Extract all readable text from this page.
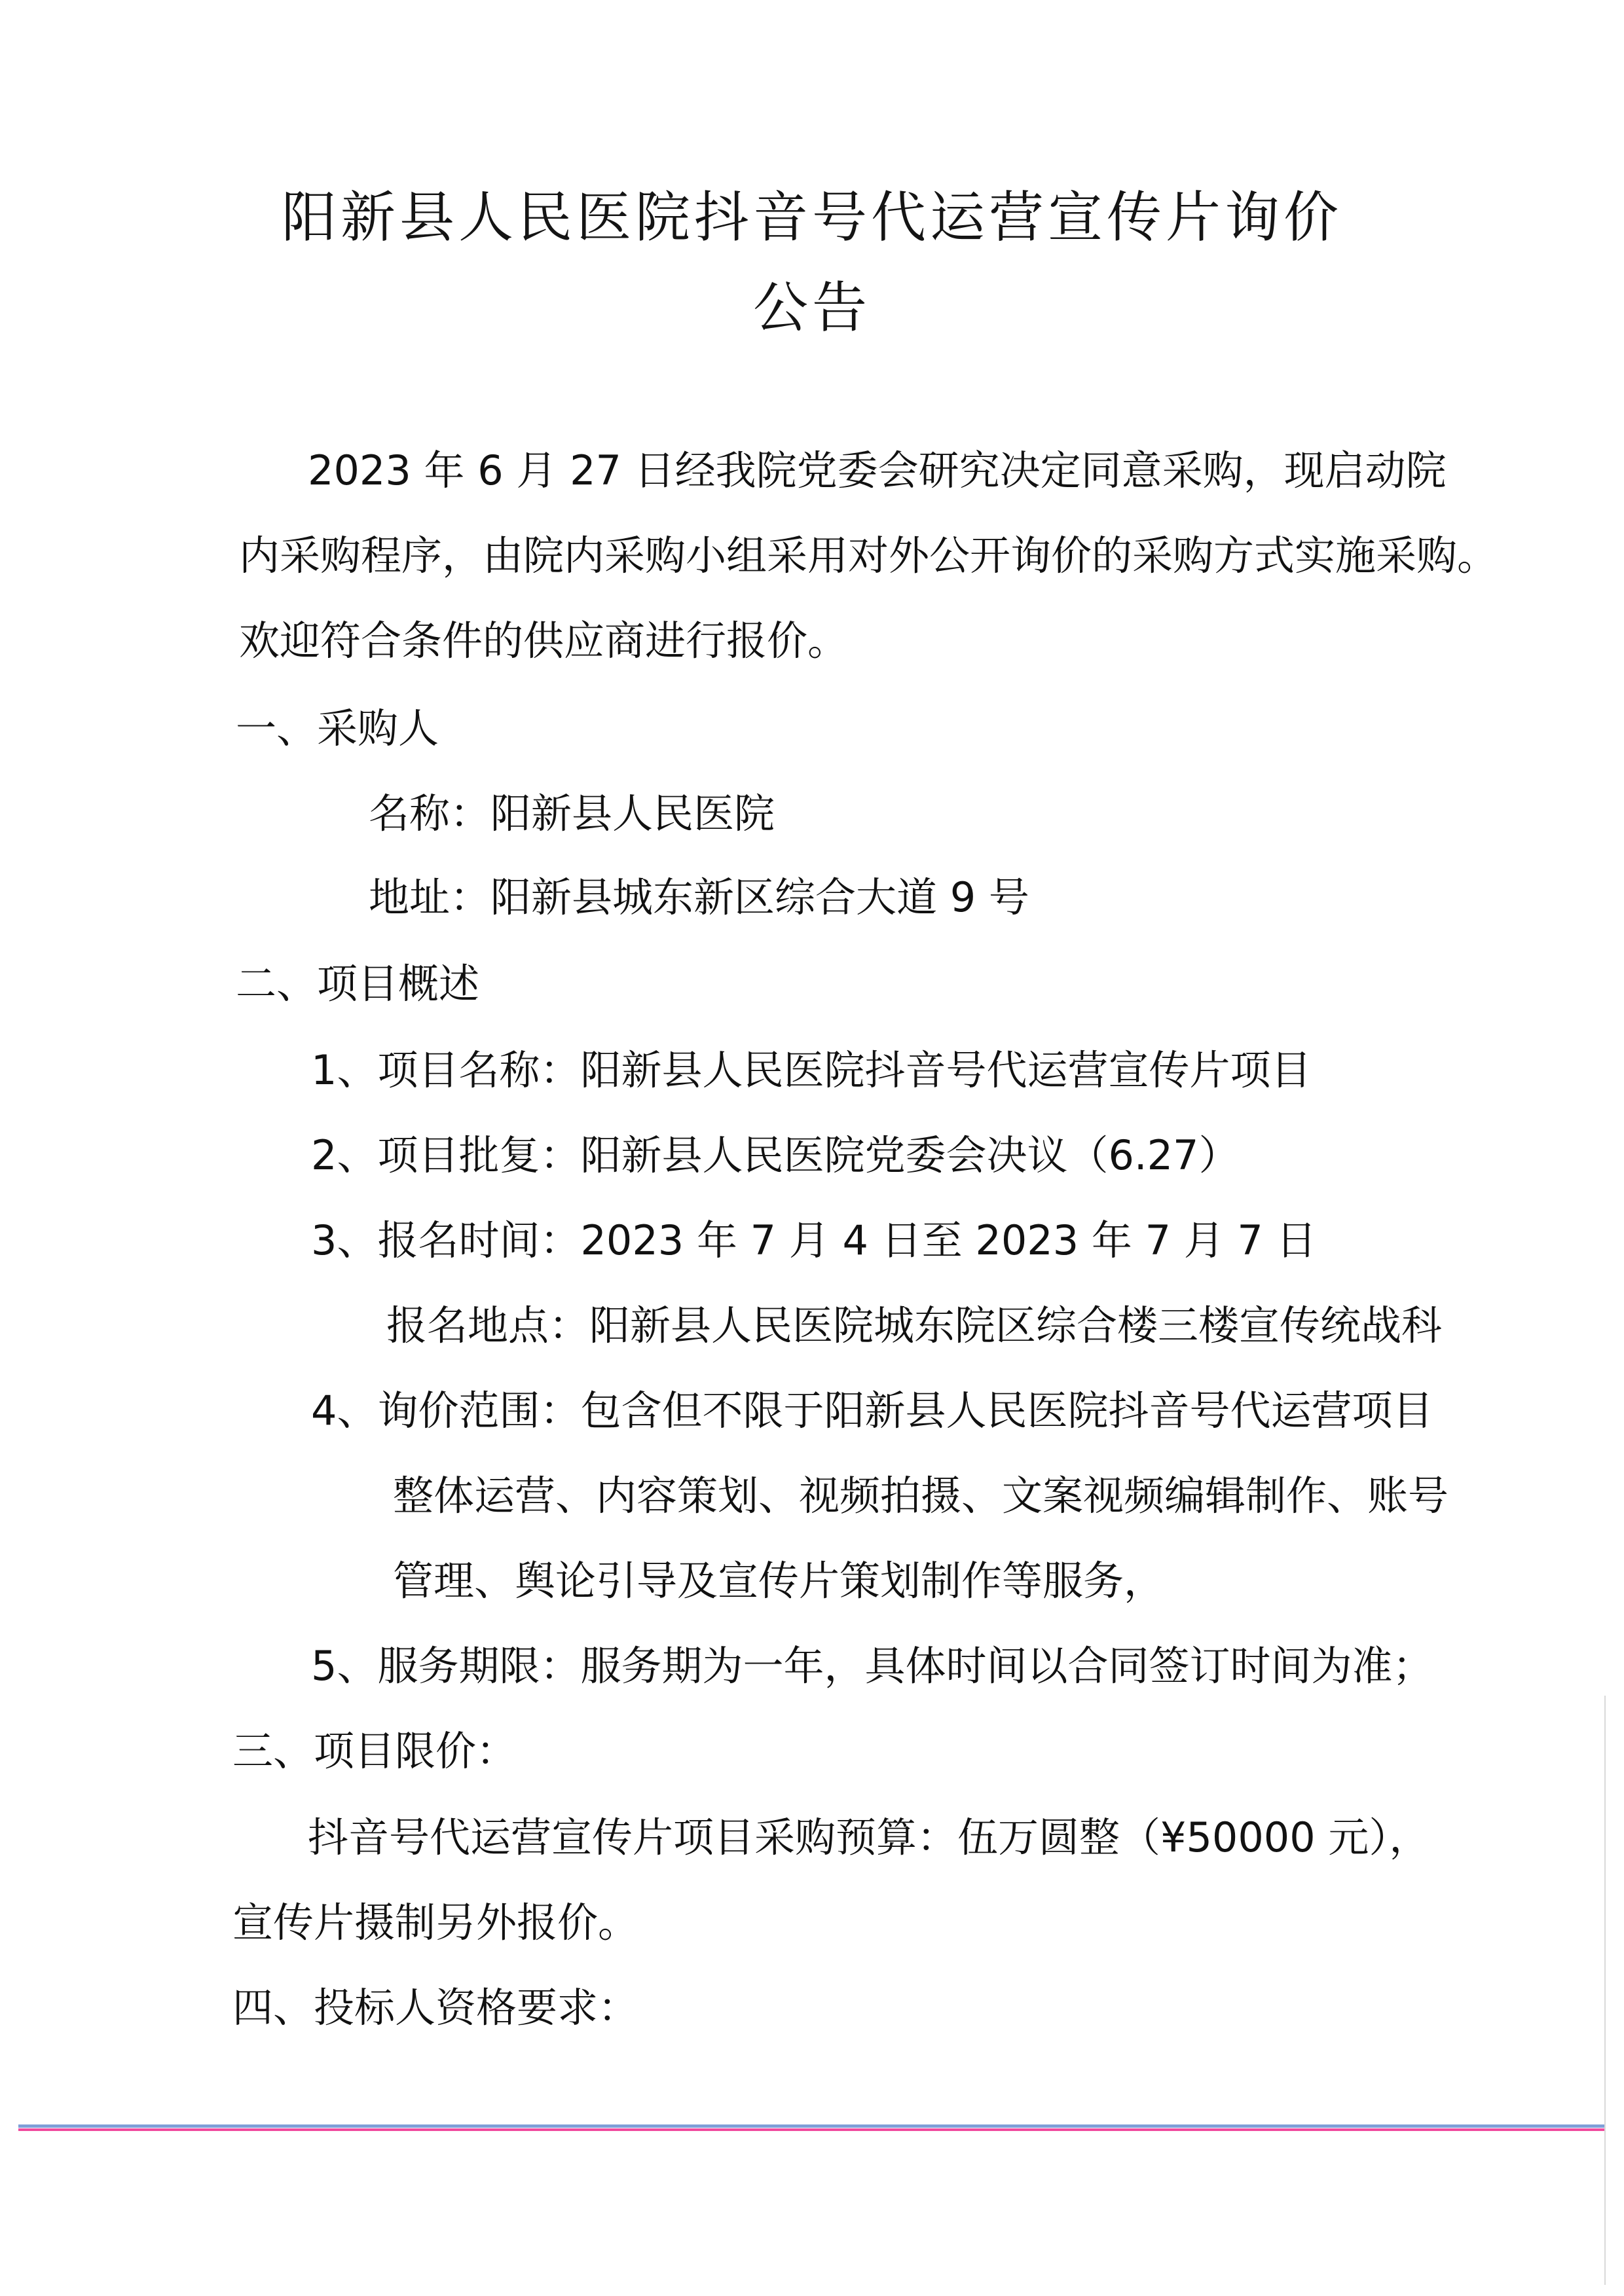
阳新县人民医院抖音号代运营宣传片询价
公告
2023 年 6 月 27 日经我院党委会研究决定同意采购，现启动院
内采购程序，由院内采购小组采用对外公开询价的采购方式实施采购。
欢迎符合条件的供应商进行报价。
一、采购人
名称：阳新县人民医院
地址：阳新县城东新区综合大道 9 号
二、项目概述
1、项目名称：阳新县人民医院抖音号代运营宣传片项目
2、项目批复：阳新县人民医院党委会决议（6.27）
3、报名时间：2023 年 7 月 4 日至 2023 年 7 月 7 日
报名地点：阳新县人民医院城东院区综合楼三楼宣传统战科
4、询价范围：包含但不限于阳新县人民医院抖音号代运营项目
整体运营、内容策划、视频拍摄、文案视频编辑制作、账号
管理、舆论引导及宣传片策划制作等服务，
5、服务期限：服务期为一年，具体时间以合同签订时间为准；
三、项目限价：
抖音号代运营宣传片项目采购预算：伍万圆整（¥50000 元），
宣传片摄制另外报价。
四、投标人资格要求：
